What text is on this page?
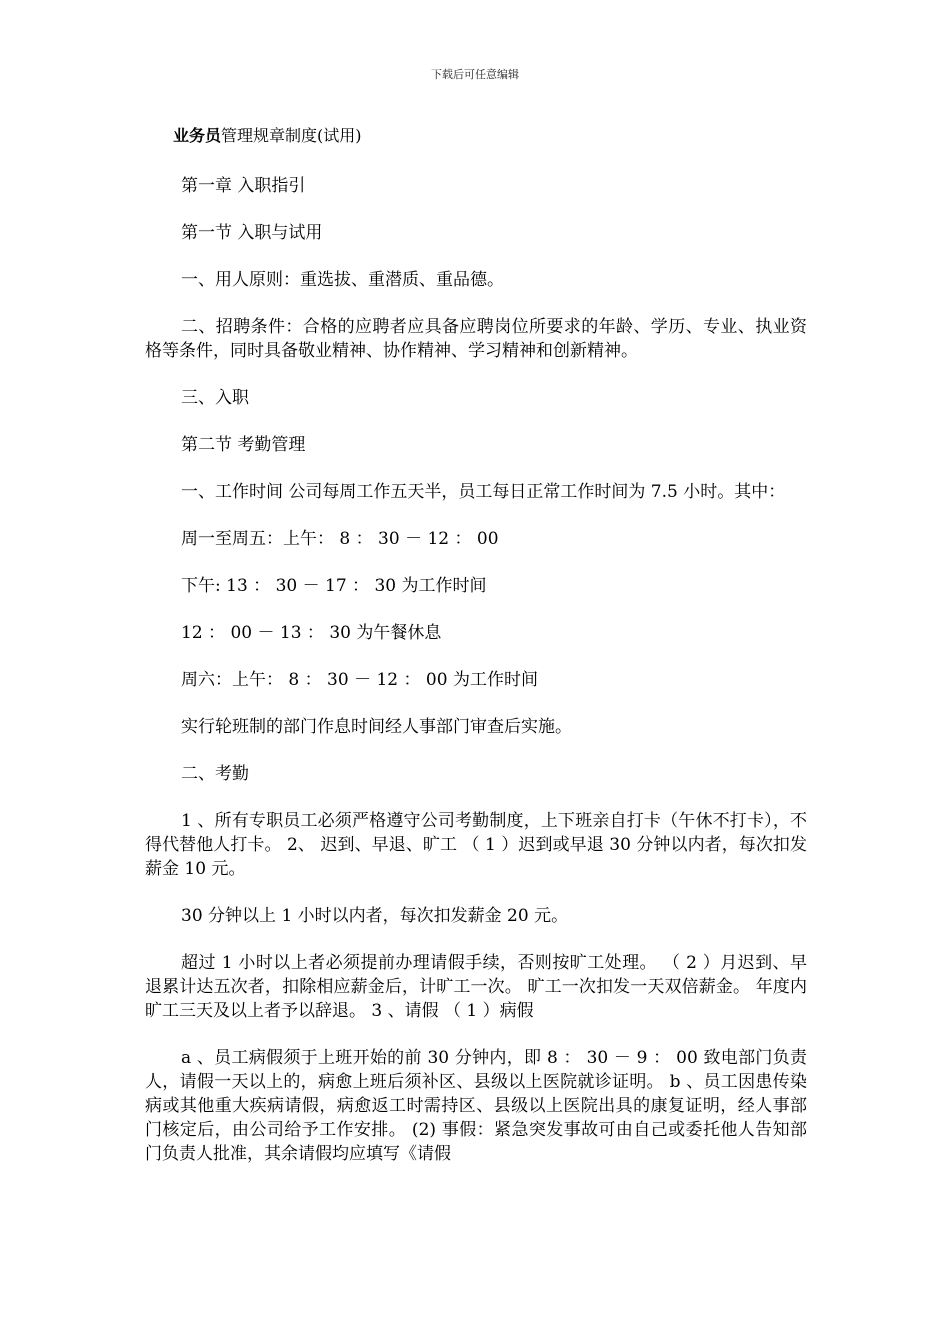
下载后可任意编辑
业务员管理规章制度(试用)
第一章 入职指引
第一节 入职与试用
一、用人原则：重选拔、重潜质、重品德。
二、招聘条件：合格的应聘者应具备应聘岗位所要求的年龄、学历、专业、执业资格等条件，同时具备敬业精神、协作精神、学习精神和创新精神。
三、入职
第二节 考勤管理
一、工作时间 公司每周工作五天半，员工每日正常工作时间为 7.5 小时。其中：
周一至周五：上午： 8 ： 30 － 12 ： 00
下午: 13 ： 30 － 17 ： 30 为工作时间
12 ： 00 － 13 ： 30 为午餐休息
周六：上午： 8 ： 30 － 12 ： 00 为工作时间
实行轮班制的部门作息时间经人事部门审查后实施。
二、考勤
1 、所有专职员工必须严格遵守公司考勤制度，上下班亲自打卡（午休不打卡），不得代替他人打卡。 2、 迟到、早退、旷工 （ 1 ）迟到或早退 30 分钟以内者，每次扣发薪金 10 元。
30 分钟以上 1 小时以内者，每次扣发薪金 20 元。
超过 1 小时以上者必须提前办理请假手续，否则按旷工处理。 （ 2 ）月迟到、早退累计达五次者，扣除相应薪金后，计旷工一次。 旷工一次扣发一天双倍薪金。 年度内旷工三天及以上者予以辞退。 3 、请假 （ 1 ）病假
a 、员工病假须于上班开始的前 30 分钟内，即 8 ： 30 － 9 ： 00 致电部门负责人，请假一天以上的，病愈上班后须补区、县级以上医院就诊证明。 b 、员工因患传染病或其他重大疾病请假，病愈返工时需持区、县级以上医院出具的康复证明，经人事部门核定后，由公司给予工作安排。 (2) 事假：紧急突发事故可由自己或委托他人告知部门负责人批准，其余请假均应填写《请假
